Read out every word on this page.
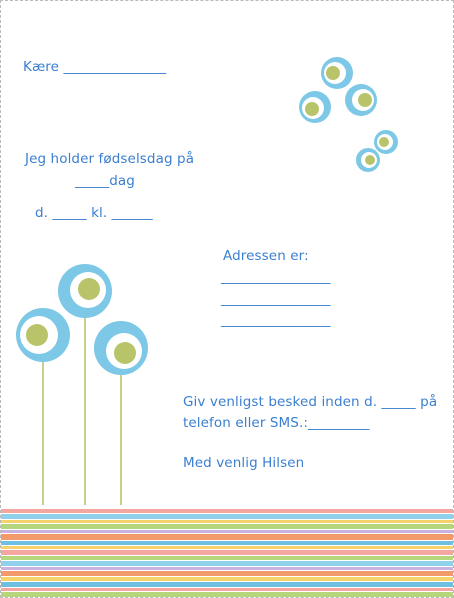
Kære _______________
Jeg holder fødselsdag på
_____dag
d. _____ kl. ______
Adressen er:
________________
________________
________________
Giv venligst besked inden d. _____ på
telefon eller SMS.:_________
Med venlig Hilsen
